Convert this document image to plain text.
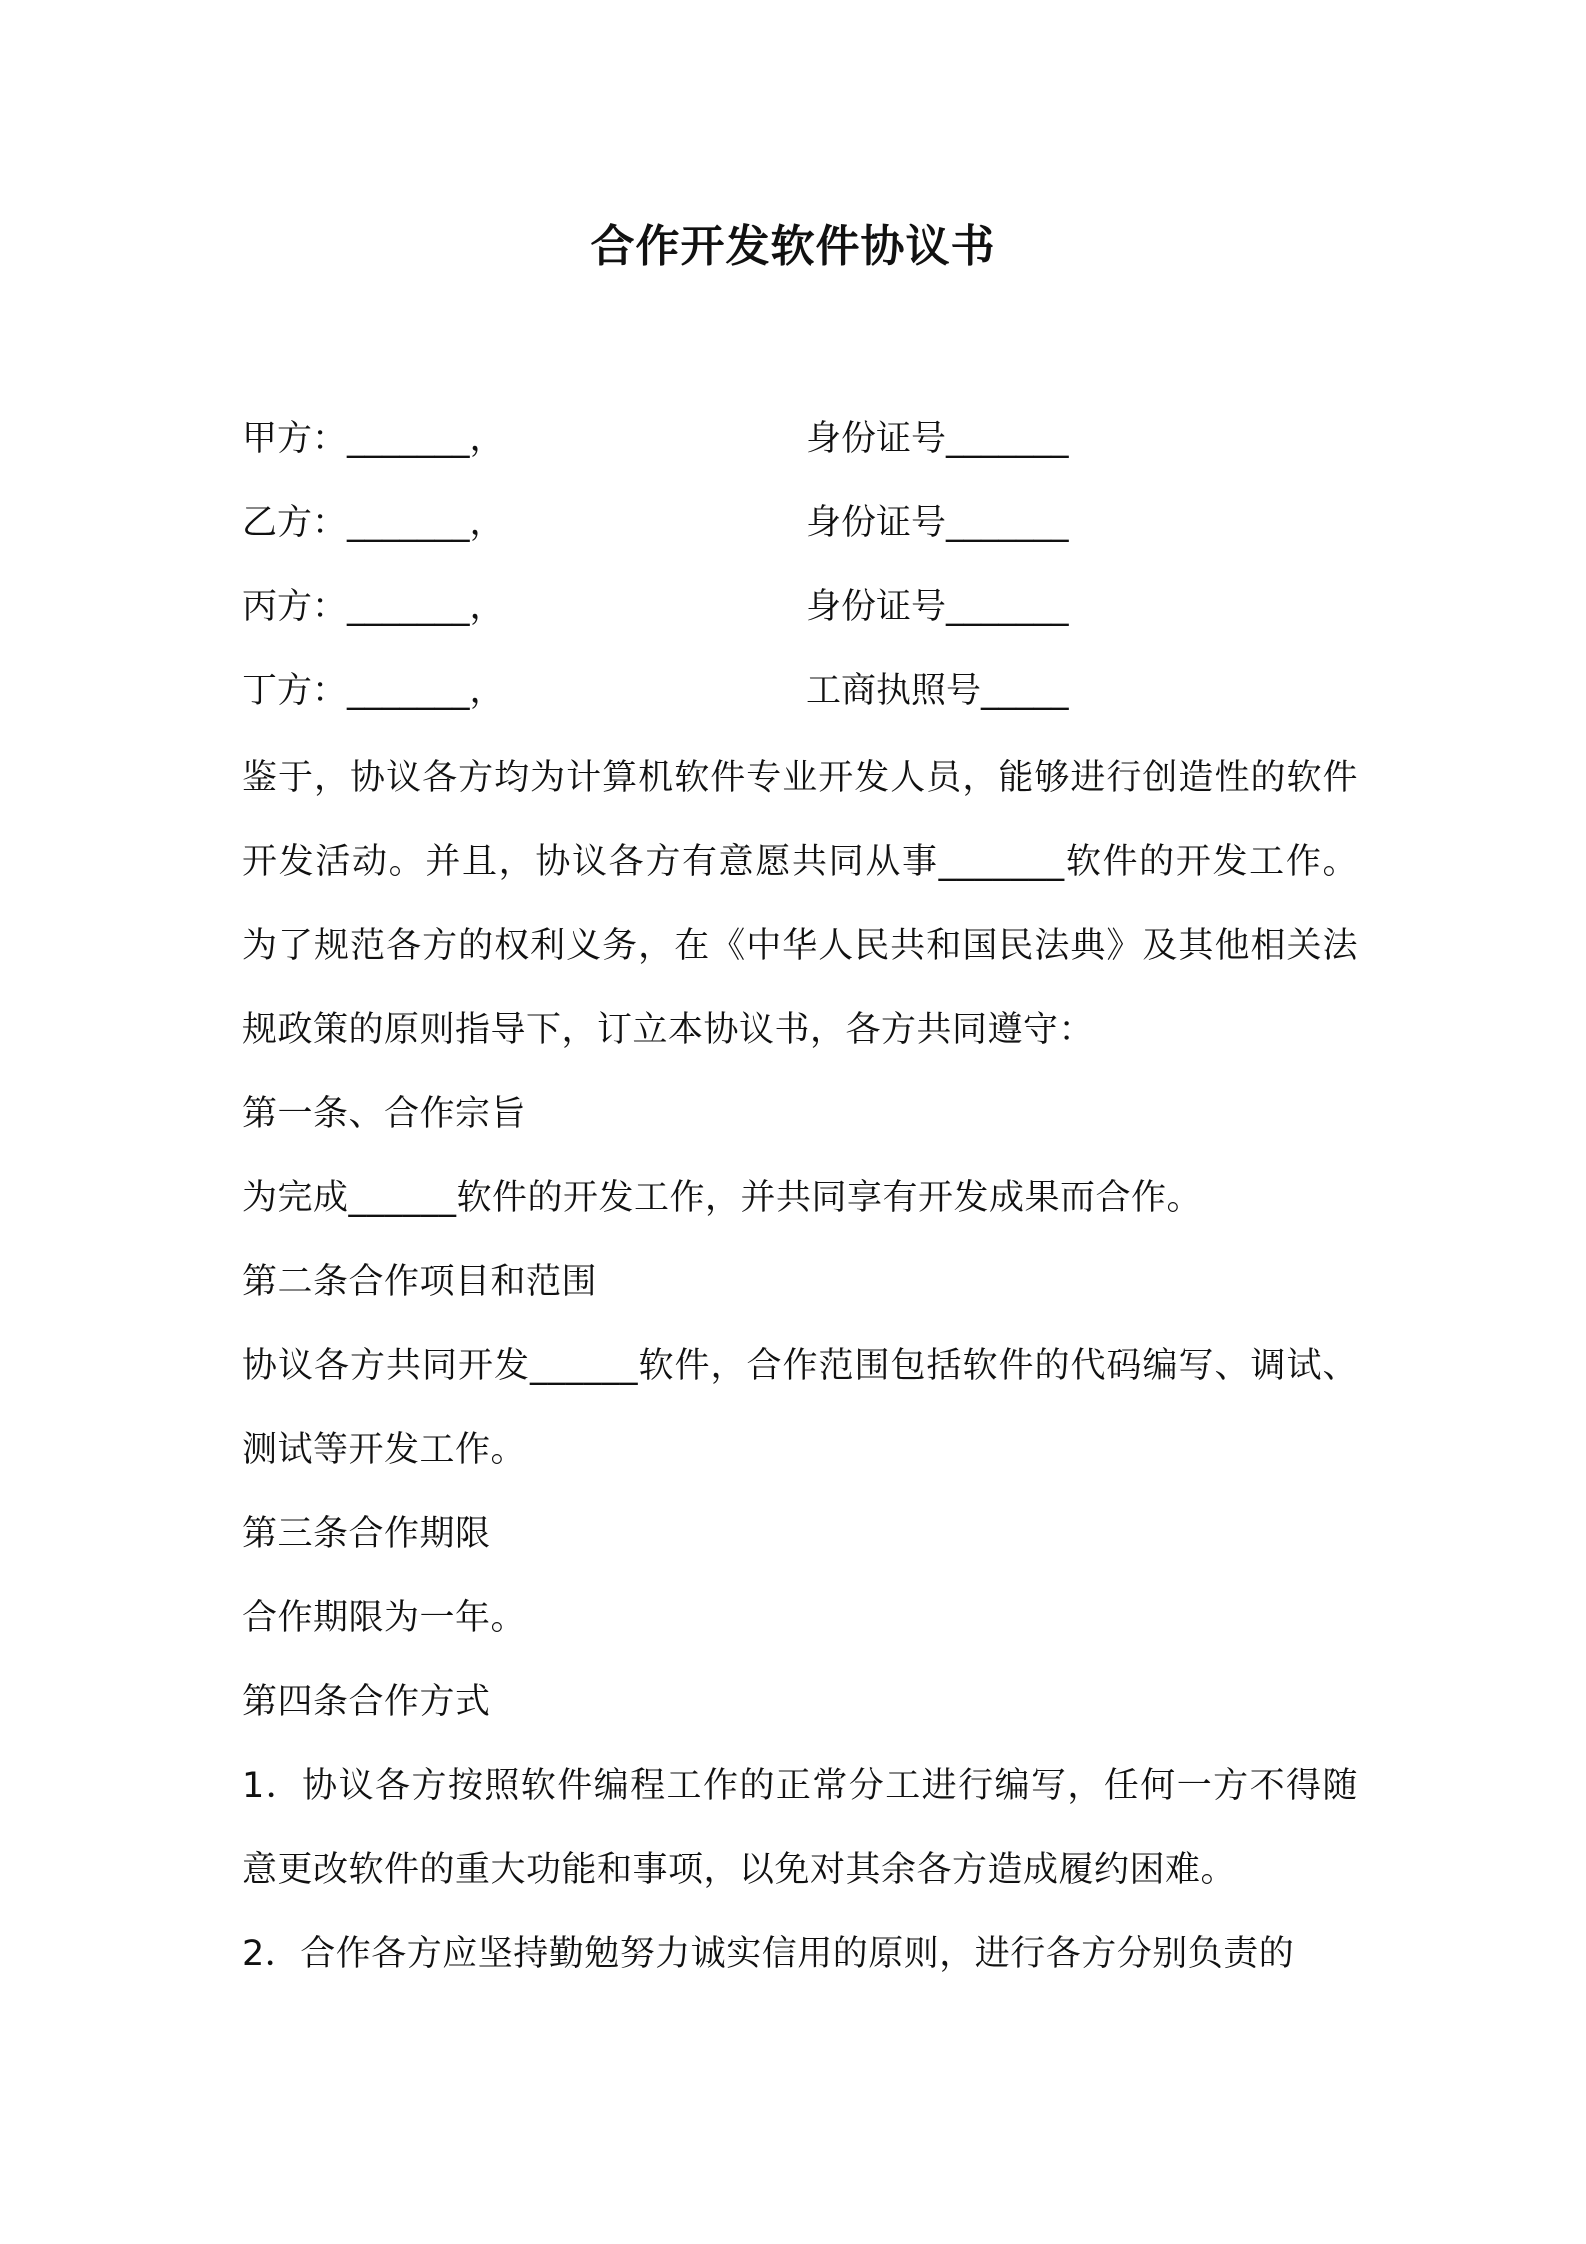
合作开发软件协议书
甲方：_______，	身份证号_______
乙方：_______，	身份证号_______
丙方：_______，	身份证号_______
丁方：_______，	工商执照号_____

鉴于，协议各方均为计算机软件专业开发人员，能够进行创造性的软件开发活动。并且，协议各方有意愿共同从事_______软件的开发工作。为了规范各方的权利义务，在《中华人民共和国民法典》及其他相关法规政策的原则指导下，订立本协议书，各方共同遵守：

第一条、合作宗旨

为完成______软件的开发工作，并共同享有开发成果而合作。

第二条合作项目和范围

协议各方共同开发______软件，合作范围包括软件的代码编写、调试、测试等开发工作。

第三条合作期限

合作期限为一年。

第四条合作方式

1．协议各方按照软件编程工作的正常分工进行编写，任何一方不得随意更改软件的重大功能和事项，以免对其余各方造成履约困难。

2．合作各方应坚持勤勉努力诚实信用的原则，进行各方分别负责的
